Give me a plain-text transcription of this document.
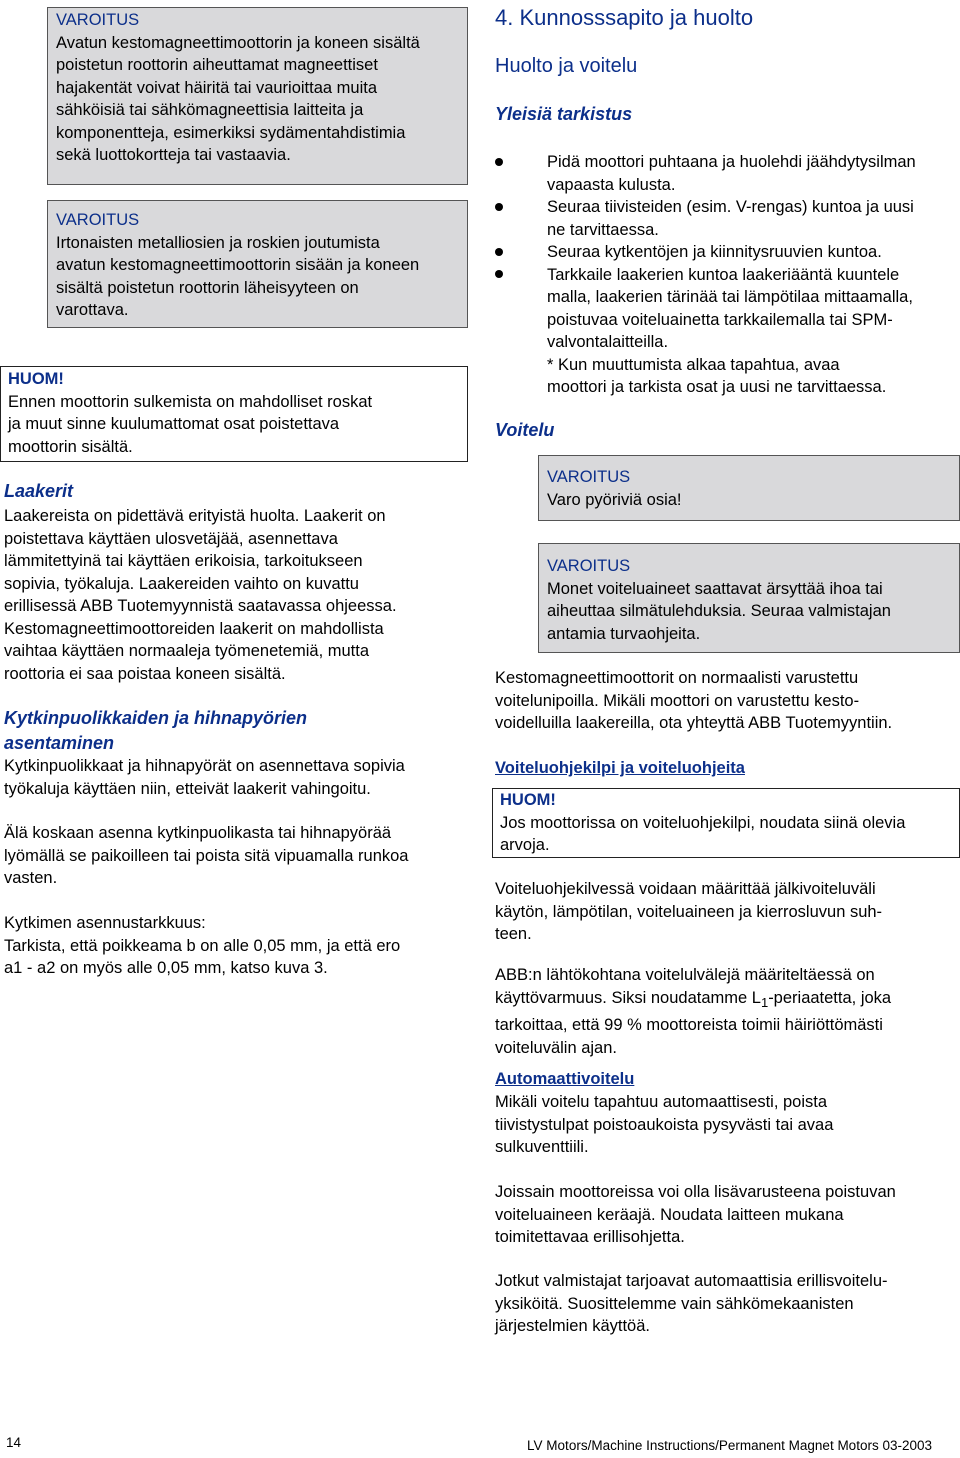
VAROITUS
Avatun kestomagneettimoottorin ja koneen sisältä
poistetun roottorin aiheuttamat magneettiset
hajakentät voivat häiritä tai vaurioittaa muita
sähköisiä tai sähkömagneettisia laitteita ja
komponentteja, esimerkiksi sydämentahdistimia
sekä luottokortteja tai vastaavia.
VAROITUS
Irtonaisten metalliosien ja roskien joutumista
avatun kestomagneettimoottorin sisään ja koneen
sisältä poistetun roottorin läheisyyteen on
varottava.
HUOM!
Ennen moottorin sulkemista on mahdolliset roskat
ja muut sinne kuulumattomat osat poistettava
moottorin sisältä.
Laakerit
Laakereista on pidettävä erityistä huolta. Laakerit on
poistettava käyttäen ulosvetäjää, asennettava
lämmitettyinä tai käyttäen erikoisia, tarkoitukseen
sopivia, työkaluja. Laakereiden vaihto on kuvattu
erillisessä ABB Tuotemyynnistä saatavassa ohjeessa.
Kestomagneettimoottoreiden laakerit on mahdollista
vaihtaa käyttäen normaaleja työmenetemiä, mutta
roottoria ei saa poistaa koneen sisältä.
Kytkinpuolikkaiden ja hihnapyörien
asentaminen
Kytkinpuolikkaat ja hihnapyörät on asennettava sopivia
työkaluja käyttäen niin, etteivät laakerit vahingoitu.
Älä koskaan asenna kytkinpuolikasta tai hihnapyörää
lyömällä se paikoilleen tai poista sitä vipuamalla runkoa
vasten.
Kytkimen asennustarkkuus:
Tarkista, että poikkeama b on alle 0,05 mm, ja että ero
a1 - a2 on myös alle 0,05 mm, katso kuva 3.
4. Kunnosssapito ja huolto
Huolto ja voitelu
Yleisiä tarkistus
Pidä moottori puhtaana ja huolehdi jäähdytysilman
vapaasta kulusta.
Seuraa tiivisteiden (esim. V-rengas) kuntoa ja uusi
ne tarvittaessa.
Seuraa kytkentöjen ja kiinnitysruuvien kuntoa.
Tarkkaile laakerien kuntoa laakeriääntä kuuntele
malla, laakerien tärinää tai lämpötilaa mittaamalla,
poistuvaa voiteluainetta tarkkailemalla tai SPM-
valvontalaitteilla.
* Kun muuttumista alkaa tapahtua, avaa
moottori ja tarkista osat ja uusi ne tarvittaessa.
Voitelu
VAROITUS
Varo pyöriviä osia!
VAROITUS
Monet voiteluaineet saattavat ärsyttää ihoa tai
aiheuttaa silmätulehduksia. Seuraa valmistajan
antamia turvaohjeita.
Kestomagneettimoottorit on normaalisti varustettu
voitelunipoilla. Mikäli moottori on varustettu kesto-
voidelluilla laakereilla, ota yhteyttä ABB Tuotemyyntiin.
Voiteluohjekilpi ja voiteluohjeita
HUOM!
Jos moottorissa on voiteluohjekilpi, noudata siinä olevia
arvoja.
Voiteluohjekilvessä voidaan määrittää jälkivoiteluväli
käytön, lämpötilan, voiteluaineen ja kierrosluvun suh-
teen.
ABB:n lähtökohtana voitelulvälejä määriteltäessä on
käyttövarmuus. Siksi noudatamme $L_1$-periaatetta, joka
tarkoittaa, että 99 % moottoreista toimii häiriöttömästi
voiteluvälin ajan.
Automaattivoitelu
Mikäli voitelu tapahtuu automaattisesti, poista
tiivistystulpat poistoaukoista pysyvästi tai avaa
sulkuventtiili.
Joissain moottoreissa voi olla lisävarusteena poistuvan
voiteluaineen keräajä. Noudata laitteen mukana
toimitettavaa erillisohjetta.
Jotkut valmistajat tarjoavat automaattisia erillisvoitelu-
yksiköitä. Suosittelemme vain sähkömekaanisten
järjestelmien käyttöä.
14	LV Motors/Machine Instructions/Permanent Magnet Motors 03-2003
